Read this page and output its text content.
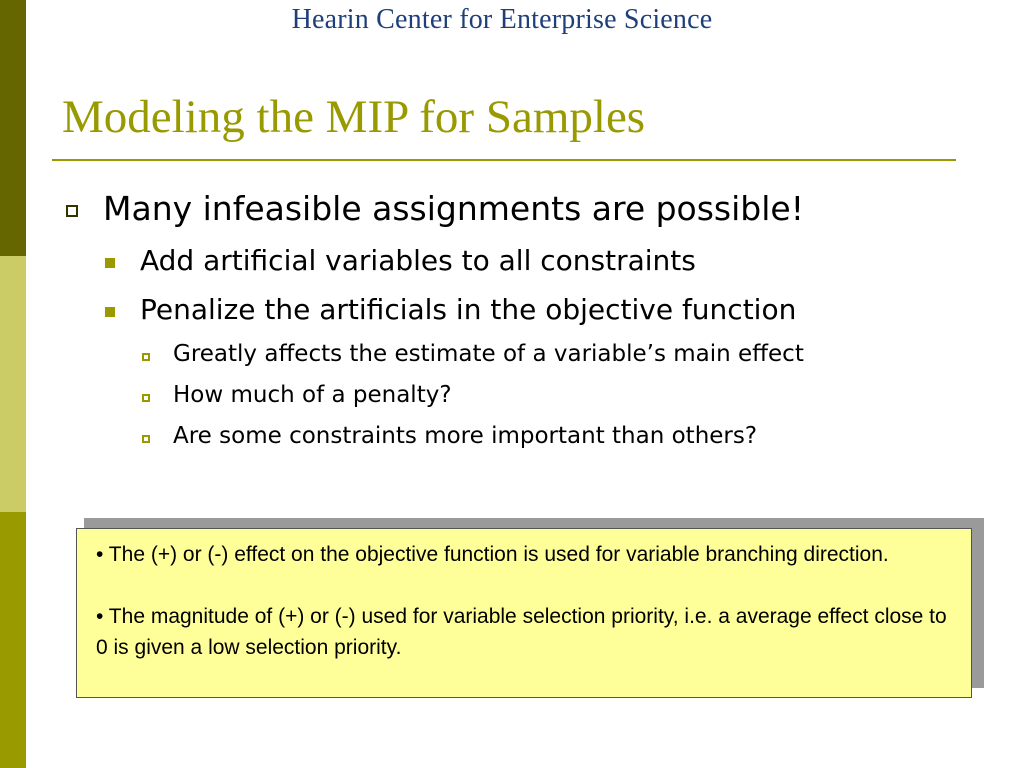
Hearin Center for Enterprise Science
Modeling the MIP for Samples
Many infeasible assignments are possible!
Add artificial variables to all constraints
Penalize the artificials in the objective function
Greatly affects the estimate of a variable’s main effect
How much of a penalty?
Are some constraints more important than others?

• The (+) or (-) effect on the objective function is used for variable branching direction.

• The magnitude of (+) or (-) used for variable selection priority, i.e. a average effect close to 0 is given a low selection priority.
